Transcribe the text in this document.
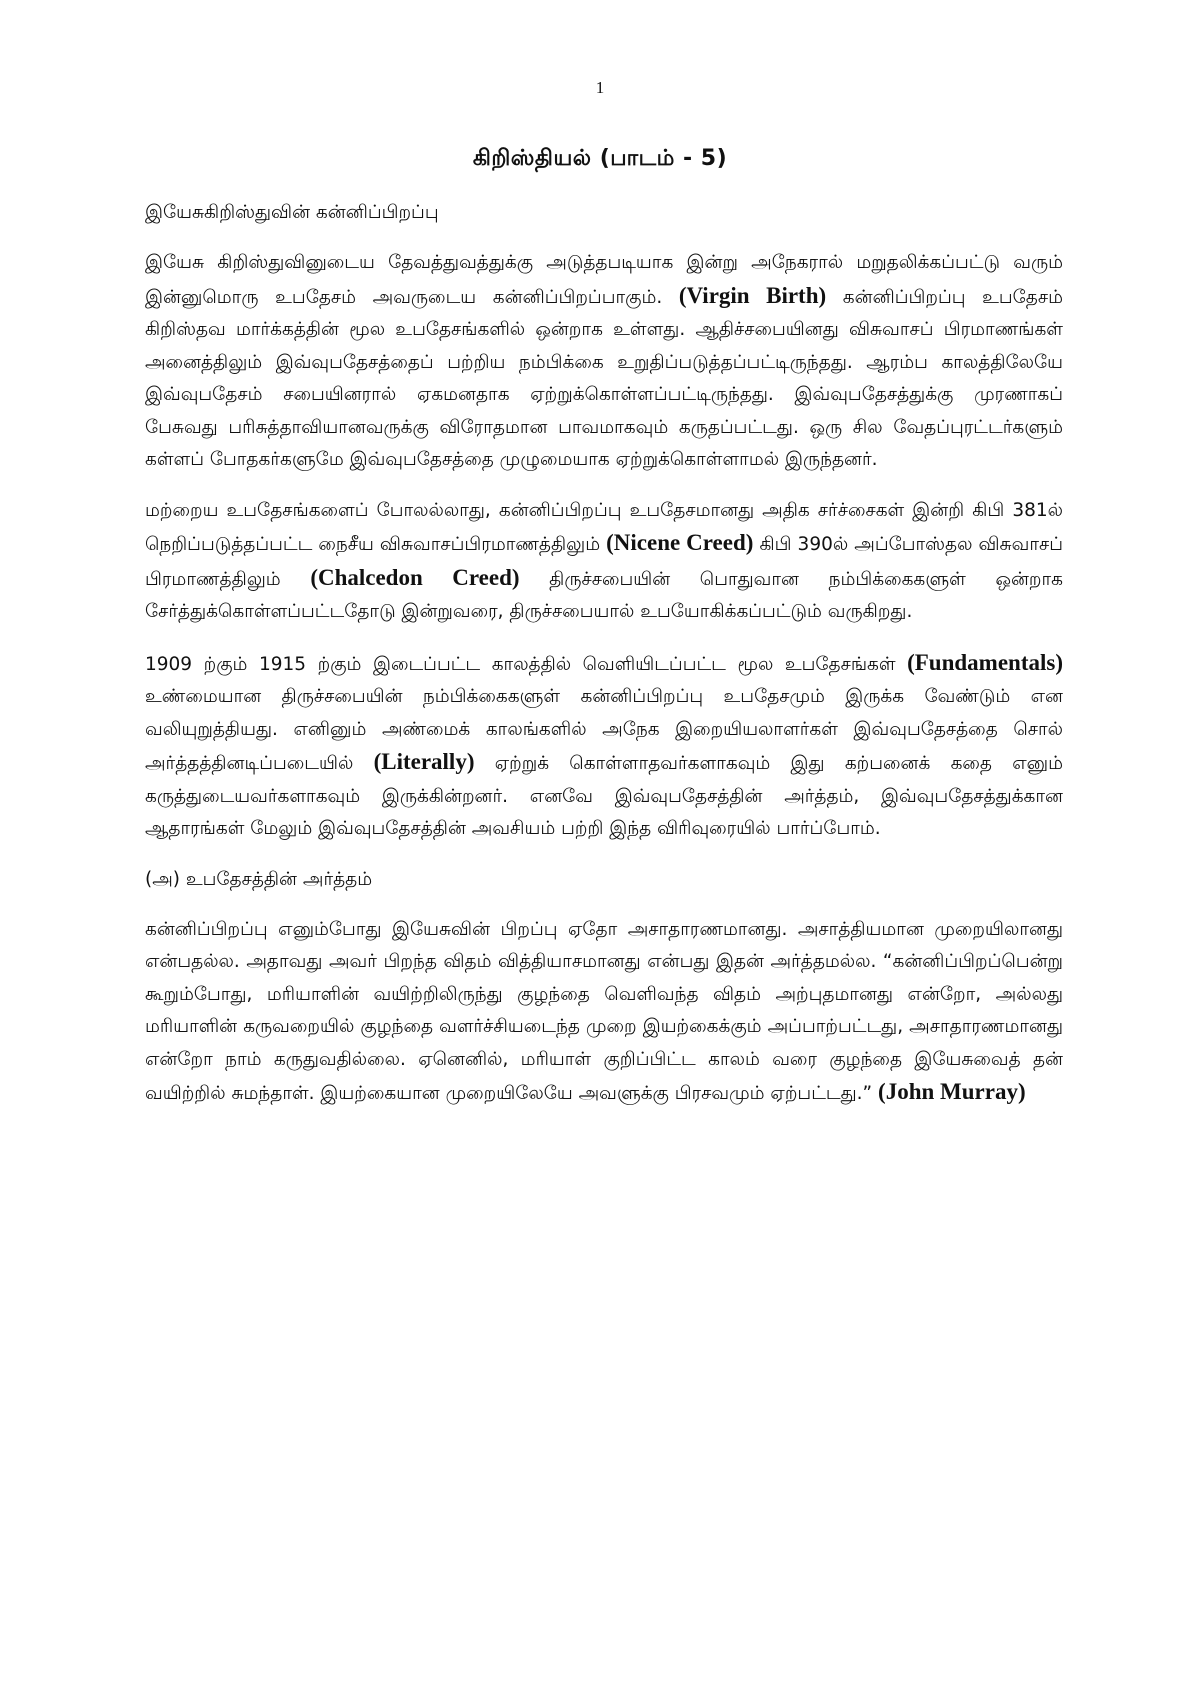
1
கிறிஸ்தியல் (பாடம் - 5)
இயேசுகிறிஸ்துவின் கன்னிப்பிறப்பு

இயேசு கிறிஸ்துவினுடைய தேவத்துவத்துக்கு அடுத்தபடியாக இன்று அநேகரால் மறுதலிக்கப்பட்டு வரும் இன்னுமொரு உபதேசம் அவருடைய கன்னிப்பிறப்பாகும். (Virgin Birth) கன்னிப்பிறப்பு உபதேசம் கிறிஸ்தவ மார்க்கத்தின் மூல உபதேசங்களில் ஒன்றாக உள்ளது. ஆதிச்சபையினது விசுவாசப் பிரமாணங்கள் அனைத்திலும் இவ்வுபதேசத்தைப் பற்றிய நம்பிக்கை உறுதிப்படுத்தப்பட்டிருந்தது. ஆரம்ப காலத்திலேயே இவ்வுபதேசம் சபையினரால் ஏகமனதாக ஏற்றுக்கொள்ளப்பட்டிருந்தது. இவ்வுபதேசத்துக்கு முரணாகப் பேசுவது பரிசுத்தாவியானவருக்கு விரோதமான பாவமாகவும் கருதப்பட்டது. ஒரு சில வேதப்புரட்டர்களும் கள்ளப் போதகர்களுமே இவ்வுபதேசத்தை முழுமையாக ஏற்றுக்கொள்ளாமல் இருந்தனர்.

மற்றைய உபதேசங்களைப் போலல்லாது, கன்னிப்பிறப்பு உபதேசமானது அதிக சர்ச்சைகள் இன்றி கிபி 381ல் நெறிப்படுத்தப்பட்ட நைசீய விசுவாசப்பிரமாணத்திலும் (Nicene Creed) கிபி 390ல் அப்போஸ்தல விசுவாசப் பிரமாணத்திலும் (Chalcedon Creed) திருச்சபையின் பொதுவான நம்பிக்கைகளுள் ஒன்றாக சேர்த்துக்கொள்ளப்பட்டதோடு இன்றுவரை, திருச்சபையால் உபயோகிக்கப்பட்டும் வருகிறது.

1909 ற்கும் 1915 ற்கும் இடைப்பட்ட காலத்தில் வெளியிடப்பட்ட மூல உபதேசங்கள் (Fundamentals) உண்மையான திருச்சபையின் நம்பிக்கைகளுள் கன்னிப்பிறப்பு உபதேசமும் இருக்க வேண்டும் என வலியுறுத்தியது. எனினும் அண்மைக் காலங்களில் அநேக இறையியலாளர்கள் இவ்வுபதேசத்தை சொல் அர்த்தத்தினடிப்படையில் (Literally) ஏற்றுக் கொள்ளாதவர்களாகவும் இது கற்பனைக் கதை எனும் கருத்துடையவர்களாகவும் இருக்கின்றனர். எனவே இவ்வுபதேசத்தின் அர்த்தம், இவ்வுபதேசத்துக்கான ஆதாரங்கள் மேலும் இவ்வுபதேசத்தின் அவசியம் பற்றி இந்த விரிவுரையில் பார்ப்போம்.

(அ) உபதேசத்தின் அர்த்தம்

கன்னிப்பிறப்பு எனும்போது இயேசுவின் பிறப்பு ஏதோ அசாதாரணமானது. அசாத்தியமான முறையிலானது என்பதல்ல. அதாவது அவர் பிறந்த விதம் வித்தியாசமானது என்பது இதன் அர்த்தமல்ல. “கன்னிப்பிறப்பென்று கூறும்போது, மரியாளின் வயிற்றிலிருந்து குழந்தை வெளிவந்த விதம் அற்புதமானது என்றோ, அல்லது மரியாளின் கருவறையில் குழந்தை வளர்ச்சியடைந்த முறை இயற்கைக்கும் அப்பாற்பட்டது, அசாதாரணமானது என்றோ நாம் கருதுவதில்லை. ஏனெனில், மரியாள் குறிப்பிட்ட காலம் வரை குழந்தை இயேசுவைத் தன் வயிற்றில் சுமந்தாள். இயற்கையான முறையிலேயே அவளுக்கு பிரசவமும் ஏற்பட்டது.” (John Murray)
